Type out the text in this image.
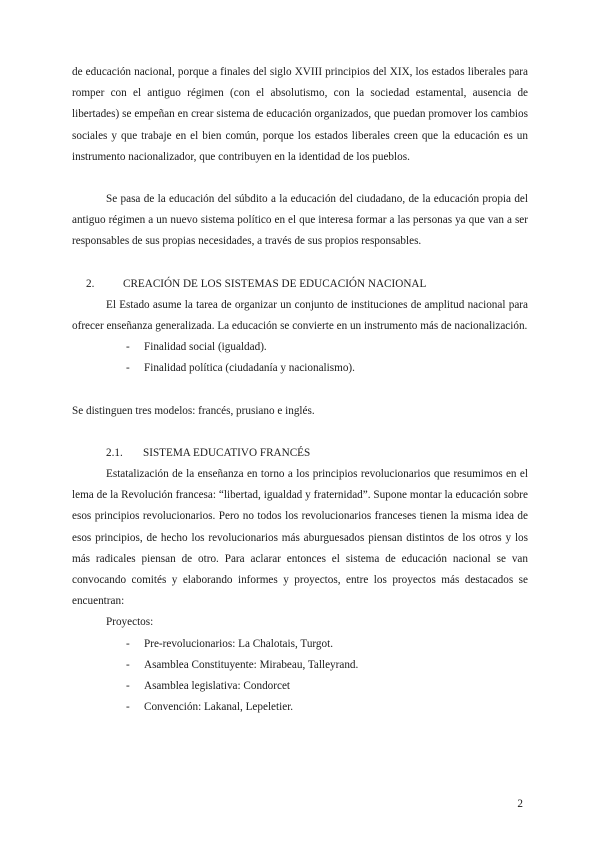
de educación nacional, porque a finales del siglo XVIII principios del XIX, los estados liberales para romper con el antiguo régimen (con el absolutismo, con la sociedad estamental, ausencia de libertades) se empeñan en crear sistema de educación organizados, que puedan promover los cambios sociales y que trabaje en el bien común, porque los estados liberales creen que la educación es un instrumento nacionalizador, que contribuyen en la identidad de los pueblos.

Se pasa de la educación del súbdito a la educación del ciudadano, de la educación propia del antiguo régimen a un nuevo sistema político en el que interesa formar a las personas ya que van a ser responsables de sus propias necesidades, a través de sus propios responsables.

2.	CREACIÓN DE LOS SISTEMAS DE EDUCACIÓN NACIONAL

El Estado asume la tarea de organizar un conjunto de instituciones de amplitud nacional para ofrecer enseñanza generalizada. La educación se convierte en un instrumento más de nacionalización.

- Finalidad social (igualdad).
- Finalidad política (ciudadanía y nacionalismo).

Se distinguen tres modelos: francés, prusiano e inglés.

2.1. SISTEMA EDUCATIVO FRANCÉS

Estatalización de la enseñanza en torno a los principios revolucionarios que resumimos en el lema de la Revolución francesa: “libertad, igualdad y fraternidad”. Supone montar la educación sobre esos principios revolucionarios. Pero no todos los revolucionarios franceses tienen la misma idea de esos principios, de hecho los revolucionarios más aburguesados piensan distintos de los otros y los más radicales piensan de otro. Para aclarar entonces el sistema de educación nacional se van convocando comités y elaborando informes y proyectos, entre los proyectos más destacados se encuentran:

Proyectos:
- Pre-revolucionarios: La Chalotais, Turgot.
- Asamblea Constituyente: Mirabeau, Talleyrand.
- Asamblea legislativa: Condorcet
- Convención: Lakanal, Lepeletier.
2
